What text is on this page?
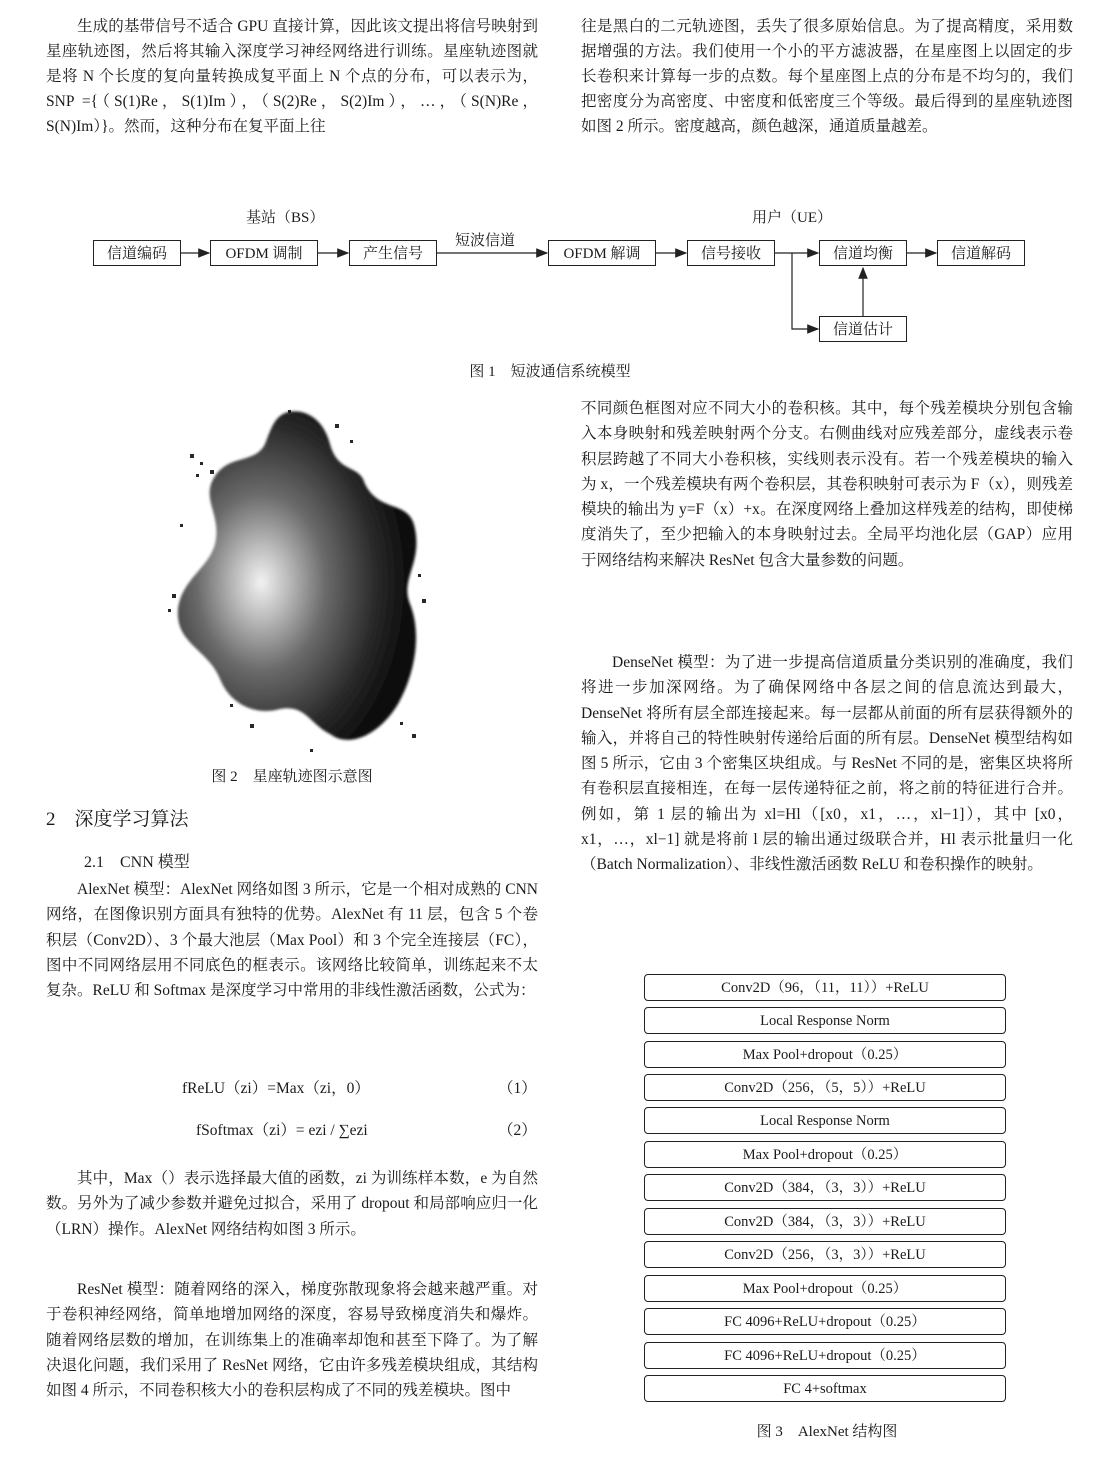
生成的基带信号不适合 GPU 直接计算，因此该文提出将信号映射到星座轨迹图，然后将其输入深度学习神经网络进行训练。星座轨迹图就是将 N 个长度的复向量转换成复平面上 N 个点的分布，可以表示为，SNP ={（S(1)Re，S(1)Im），（S(2)Re，S(2)Im），…，（S(N)Re，S(N)Im）}。然而，这种分布在复平面上往
往是黑白的二元轨迹图，丢失了很多原始信息。为了提高精度，采用数据增强的方法。我们使用一个小的平方滤波器，在星座图上以固定的步长卷积来计算每一步的点数。每个星座图上点的分布是不均匀的，我们把密度分为高密度、中密度和低密度三个等级。最后得到的星座轨迹图如图 2 所示。密度越高，颜色越深，通道质量越差。
基站（BS）	用户（UE）
短波信道
信道编码	OFDM 调制	产生信号	OFDM 解调	信号接收	信道均衡	信道解码
信道估计
图 1　短波通信系统模型
图 2　星座轨迹图示意图
2　深度学习算法
2.1　CNN 模型
AlexNet 模型：AlexNet 网络如图 3 所示，它是一个相对成熟的 CNN 网络，在图像识别方面具有独特的优势。AlexNet 有 11 层，包含 5 个卷积层（Conv2D）、3 个最大池层（Max Pool）和 3 个完全连接层（FC），图中不同网络层用不同底色的框表示。该网络比较简单，训练起来不太复杂。ReLU 和 Softmax 是深度学习中常用的非线性激活函数，公式为：
fReLU（zi）=Max（zi，0）	（1）
fSoftmax（zi）= ezi / ∑ezi	（2）
其中，Max（）表示选择最大值的函数，zi 为训练样本数，e 为自然数。另外为了减少参数并避免过拟合，采用了 dropout 和局部响应归一化（LRN）操作。AlexNet 网络结构如图 3 所示。
ResNet 模型：随着网络的深入，梯度弥散现象将会越来越严重。对于卷积神经网络，简单地增加网络的深度，容易导致梯度消失和爆炸。随着网络层数的增加，在训练集上的准确率却饱和甚至下降了。为了解决退化问题，我们采用了 ResNet 网络，它由许多残差模块组成，其结构如图 4 所示，不同卷积核大小的卷积层构成了不同的残差模块。图中
不同颜色框图对应不同大小的卷积核。其中，每个残差模块分别包含输入本身映射和残差映射两个分支。右侧曲线对应残差部分，虚线表示卷积层跨越了不同大小卷积核，实线则表示没有。若一个残差模块的输入为 x，一个残差模块有两个卷积层，其卷积映射可表示为 F（x），则残差模块的输出为 y=F（x）+x。在深度网络上叠加这样残差的结构，即使梯度消失了，至少把输入的本身映射过去。全局平均池化层（GAP）应用于网络结构来解决 ResNet 包含大量参数的问题。
DenseNet 模型：为了进一步提高信道质量分类识别的准确度，我们将进一步加深网络。为了确保网络中各层之间的信息流达到最大，DenseNet 将所有层全部连接起来。每一层都从前面的所有层获得额外的输入，并将自己的特性映射传递给后面的所有层。DenseNet 模型结构如图 5 所示，它由 3 个密集区块组成。与 ResNet 不同的是，密集区块将所有卷积层直接相连，在每一层传递特征之前，将之前的特征进行合并。例如，第 1 层的输出为 xl=Hl（[x0，x1，…，xl−1]），其中 [x0，x1，…，xl−1] 就是将前 l 层的输出通过级联合并，Hl 表示批量归一化（Batch Normalization）、非线性激活函数 ReLU 和卷积操作的映射。
Conv2D（96，（11，11））+ReLU
Local Response Norm
Max Pool+dropout（0.25）
Conv2D（256，（5，5））+ReLU
Local Response Norm
Max Pool+dropout（0.25）
Conv2D（384，（3，3））+ReLU
Conv2D（384，（3，3））+ReLU
Conv2D（256，（3，3））+ReLU
Max Pool+dropout（0.25）
FC 4096+ReLU+dropout（0.25）
FC 4096+ReLU+dropout（0.25）
FC 4+softmax
图 3　AlexNet 结构图
